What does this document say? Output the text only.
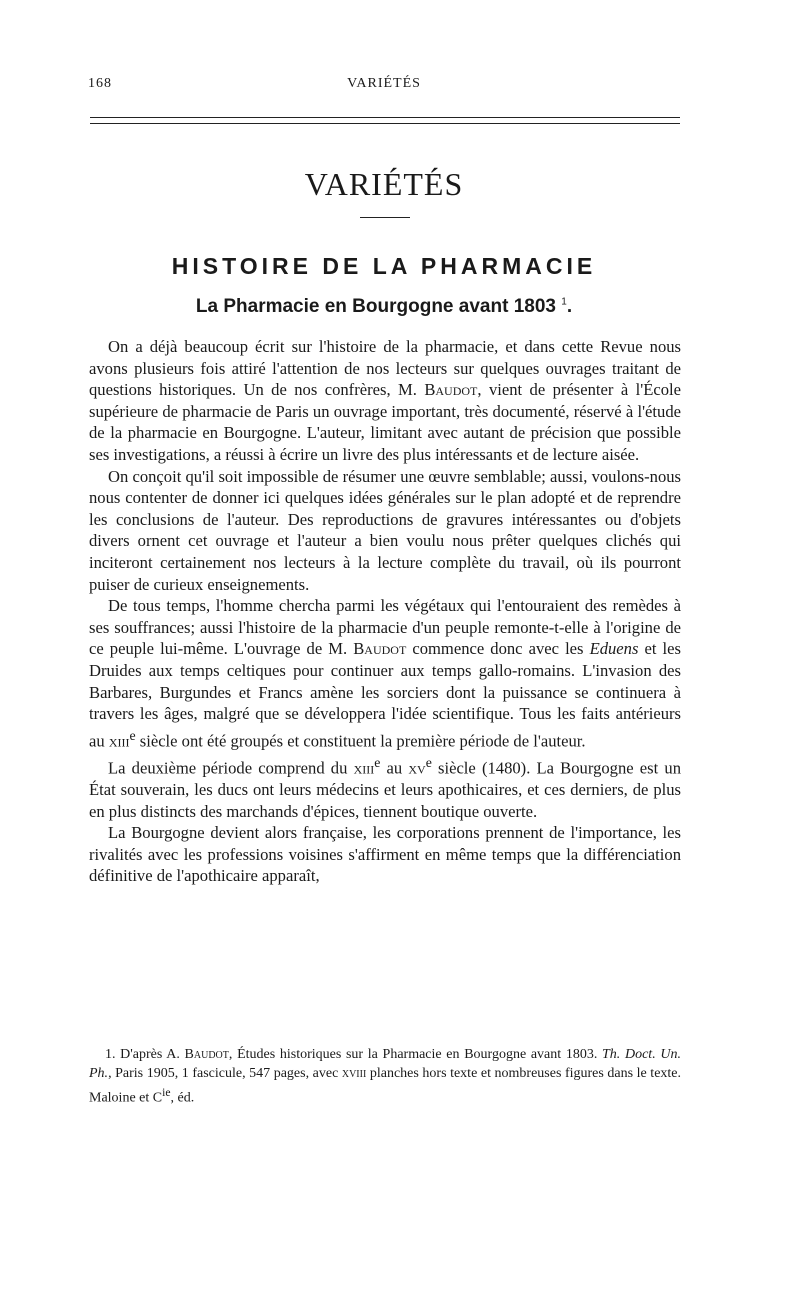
168	VARIÉTÉS
VARIÉTÉS
HISTOIRE DE LA PHARMACIE
La Pharmacie en Bourgogne avant 1803 $^1$.

On a déjà beaucoup écrit sur l'histoire de la pharmacie, et dans cette Revue nous avons plusieurs fois attiré l'attention de nos lecteurs sur quelques ouvrages traitant de questions historiques. Un de nos confrères, M. Baudot, vient de présenter à l'École supérieure de pharmacie de Paris un ouvrage important, très documenté, réservé à l'étude de la pharmacie en Bourgogne. L'auteur, limitant avec autant de précision que possible ses investigations, a réussi à écrire un livre des plus intéressants et de lecture aisée.

On conçoit qu'il soit impossible de résumer une œuvre semblable; aussi, voulons-nous nous contenter de donner ici quelques idées générales sur le plan adopté et de reprendre les conclusions de l'auteur. Des reproductions de gravures intéressantes ou d'objets divers ornent cet ouvrage et l'auteur a bien voulu nous prêter quelques clichés qui inciteront certainement nos lecteurs à la lecture complète du travail, où ils pourront puiser de curieux enseignements.

De tous temps, l'homme chercha parmi les végétaux qui l'entouraient des remèdes à ses souffrances; aussi l'histoire de la pharmacie d'un peuple remonte-t-elle à l'origine de ce peuple lui-même. L'ouvrage de M. Baudot commence donc avec les Eduens et les Druides aux temps celtiques pour continuer aux temps gallo-romains. L'invasion des Barbares, Burgundes et Francs amène les sorciers dont la puissance se continuera à travers les âges, malgré que se développera l'idée scientifique. Tous les faits antérieurs au xiii$^e$ siècle ont été groupés et constituent la première période de l'auteur.

La deuxième période comprend du xiii$^e$ au $xv^e$ siècle (1480). La Bourgogne est un État souverain, les ducs ont leurs médecins et leurs apothicaires, et ces derniers, de plus en plus distincts des marchands d'épices, tiennent boutique ouverte.

La Bourgogne devient alors française, les corporations prennent de l'importance, les rivalités avec les professions voisines s'affirment en même temps que la différenciation définitive de l'apothicaire apparaît,

1. D'après A. Baudot, Études historiques sur la Pharmacie en Bourgogne avant 1803. Th. Doct. Un. Ph., Paris 1905, 1 fascicule, 547 pages, avec xviii planches hors texte et nombreuses figures dans le texte. Maloine et $C^{ie}$, éd.
